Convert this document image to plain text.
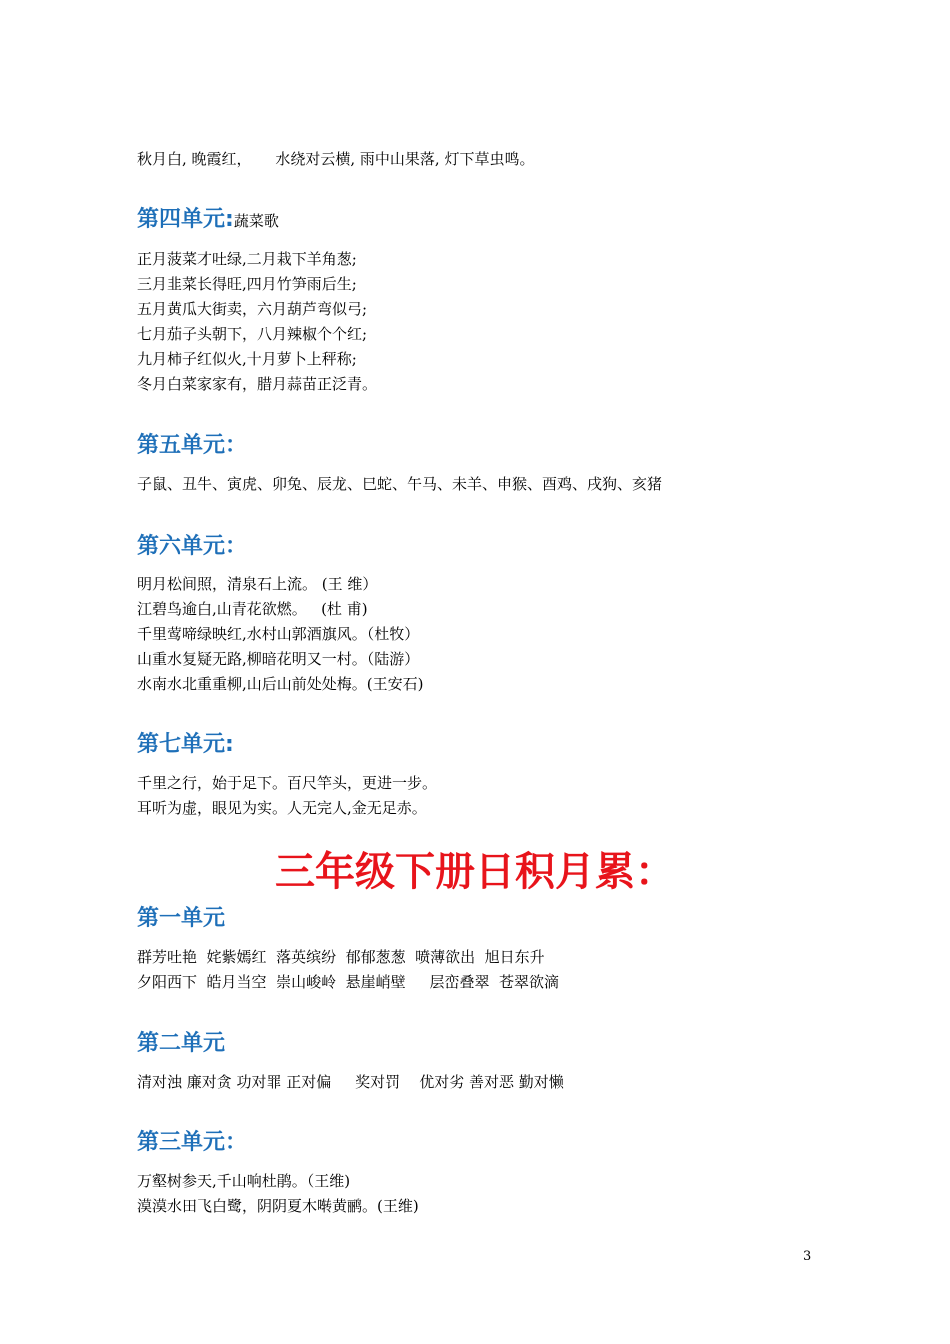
秋月白, 晚霞红，     水绕对云横, 雨中山果落, 灯下草虫鸣。
第四单元:蔬菜歌
正月菠菜才吐绿,二月栽下羊角葱;
三月韭菜长得旺,四月竹笋雨后生;
五月黄瓜大街卖，六月葫芦弯似弓;
七月茄子头朝下，八月辣椒个个红;
九月柿子红似火,十月萝卜上秤称;
冬月白菜家家有，腊月蒜苗正泛青。
第五单元：
子鼠、丑牛、寅虎、卯兔、辰龙、巳蛇、午马、未羊、申猴、酉鸡、戌狗、亥猪
第六单元：
明月松间照，清泉石上流。 (王 维）
江碧鸟逾白,山青花欲燃。   (杜 甫)
千里莺啼绿映红,水村山郭酒旗风。（杜牧）
山重水复疑无路,柳暗花明又一村。（陆游）
水南水北重重柳,山后山前处处梅。(王安石)
第七单元:
千里之行，始于足下。百尺竿头，更进一步。
耳听为虚，眼见为实。人无完人,金无足赤。
三年级下册日积月累：
第一单元
群芳吐艳  姹紫嫣红  落英缤纷  郁郁葱葱  喷薄欲出  旭日东升
夕阳西下  皓月当空  崇山峻岭  悬崖峭壁     层峦叠翠  苍翠欲滴
第二单元
清对浊 廉对贪 功对罪 正对偏     奖对罚    优对劣 善对恶 勤对懒
第三单元：
万壑树参天,千山响杜鹃。（王维)
漠漠水田飞白鹭，阴阴夏木啭黄鹂。(王维)
3
